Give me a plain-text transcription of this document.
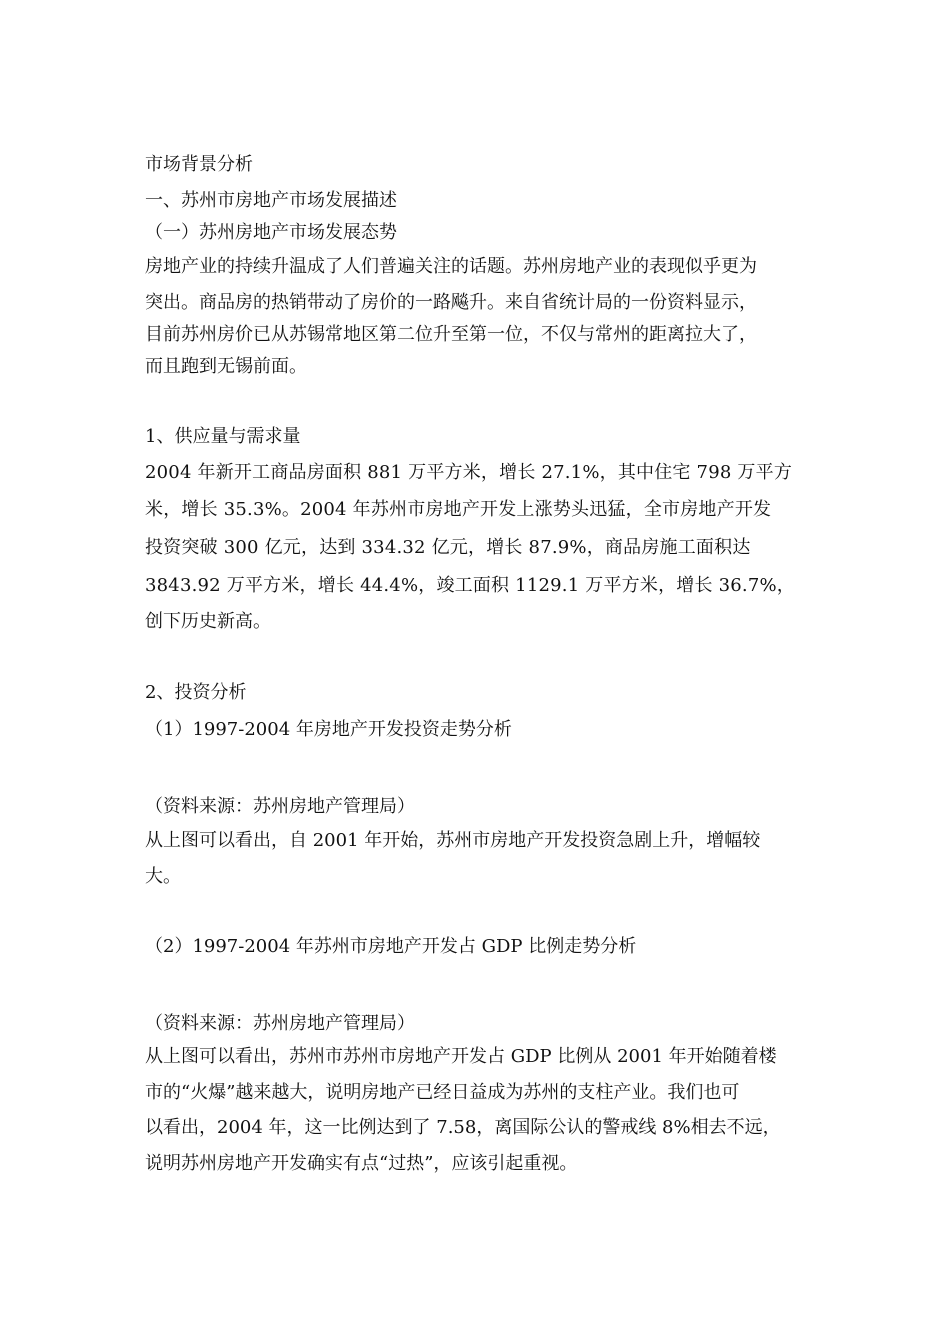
市场背景分析
一、苏州市房地产市场发展描述
（一）苏州房地产市场发展态势
房地产业的持续升温成了人们普遍关注的话题。苏州房地产业的表现似乎更为
突出。商品房的热销带动了房价的一路飚升。来自省统计局的一份资料显示，
目前苏州房价已从苏锡常地区第二位升至第一位，不仅与常州的距离拉大了，
而且跑到无锡前面。
1、供应量与需求量
2004 年新开工商品房面积 881 万平方米，增长 27.1%，其中住宅 798 万平方
米，增长 35.3%。2004 年苏州市房地产开发上涨势头迅猛，全市房地产开发
投资突破 300 亿元，达到 334.32 亿元，增长 87.9%，商品房施工面积达
3843.92 万平方米，增长 44.4%，竣工面积 1129.1 万平方米，增长 36.7%，
创下历史新高。
2、投资分析
（1）1997-2004 年房地产开发投资走势分析
（资料来源：苏州房地产管理局）
从上图可以看出，自 2001 年开始，苏州市房地产开发投资急剧上升，增幅较
大。
（2）1997-2004 年苏州市房地产开发占 GDP 比例走势分析
（资料来源：苏州房地产管理局）
从上图可以看出，苏州市苏州市房地产开发占 GDP 比例从 2001 年开始随着楼
市的“火爆”越来越大，说明房地产已经日益成为苏州的支柱产业。我们也可
以看出，2004 年，这一比例达到了 7.58，离国际公认的警戒线 8%相去不远，
说明苏州房地产开发确实有点“过热”，应该引起重视。
